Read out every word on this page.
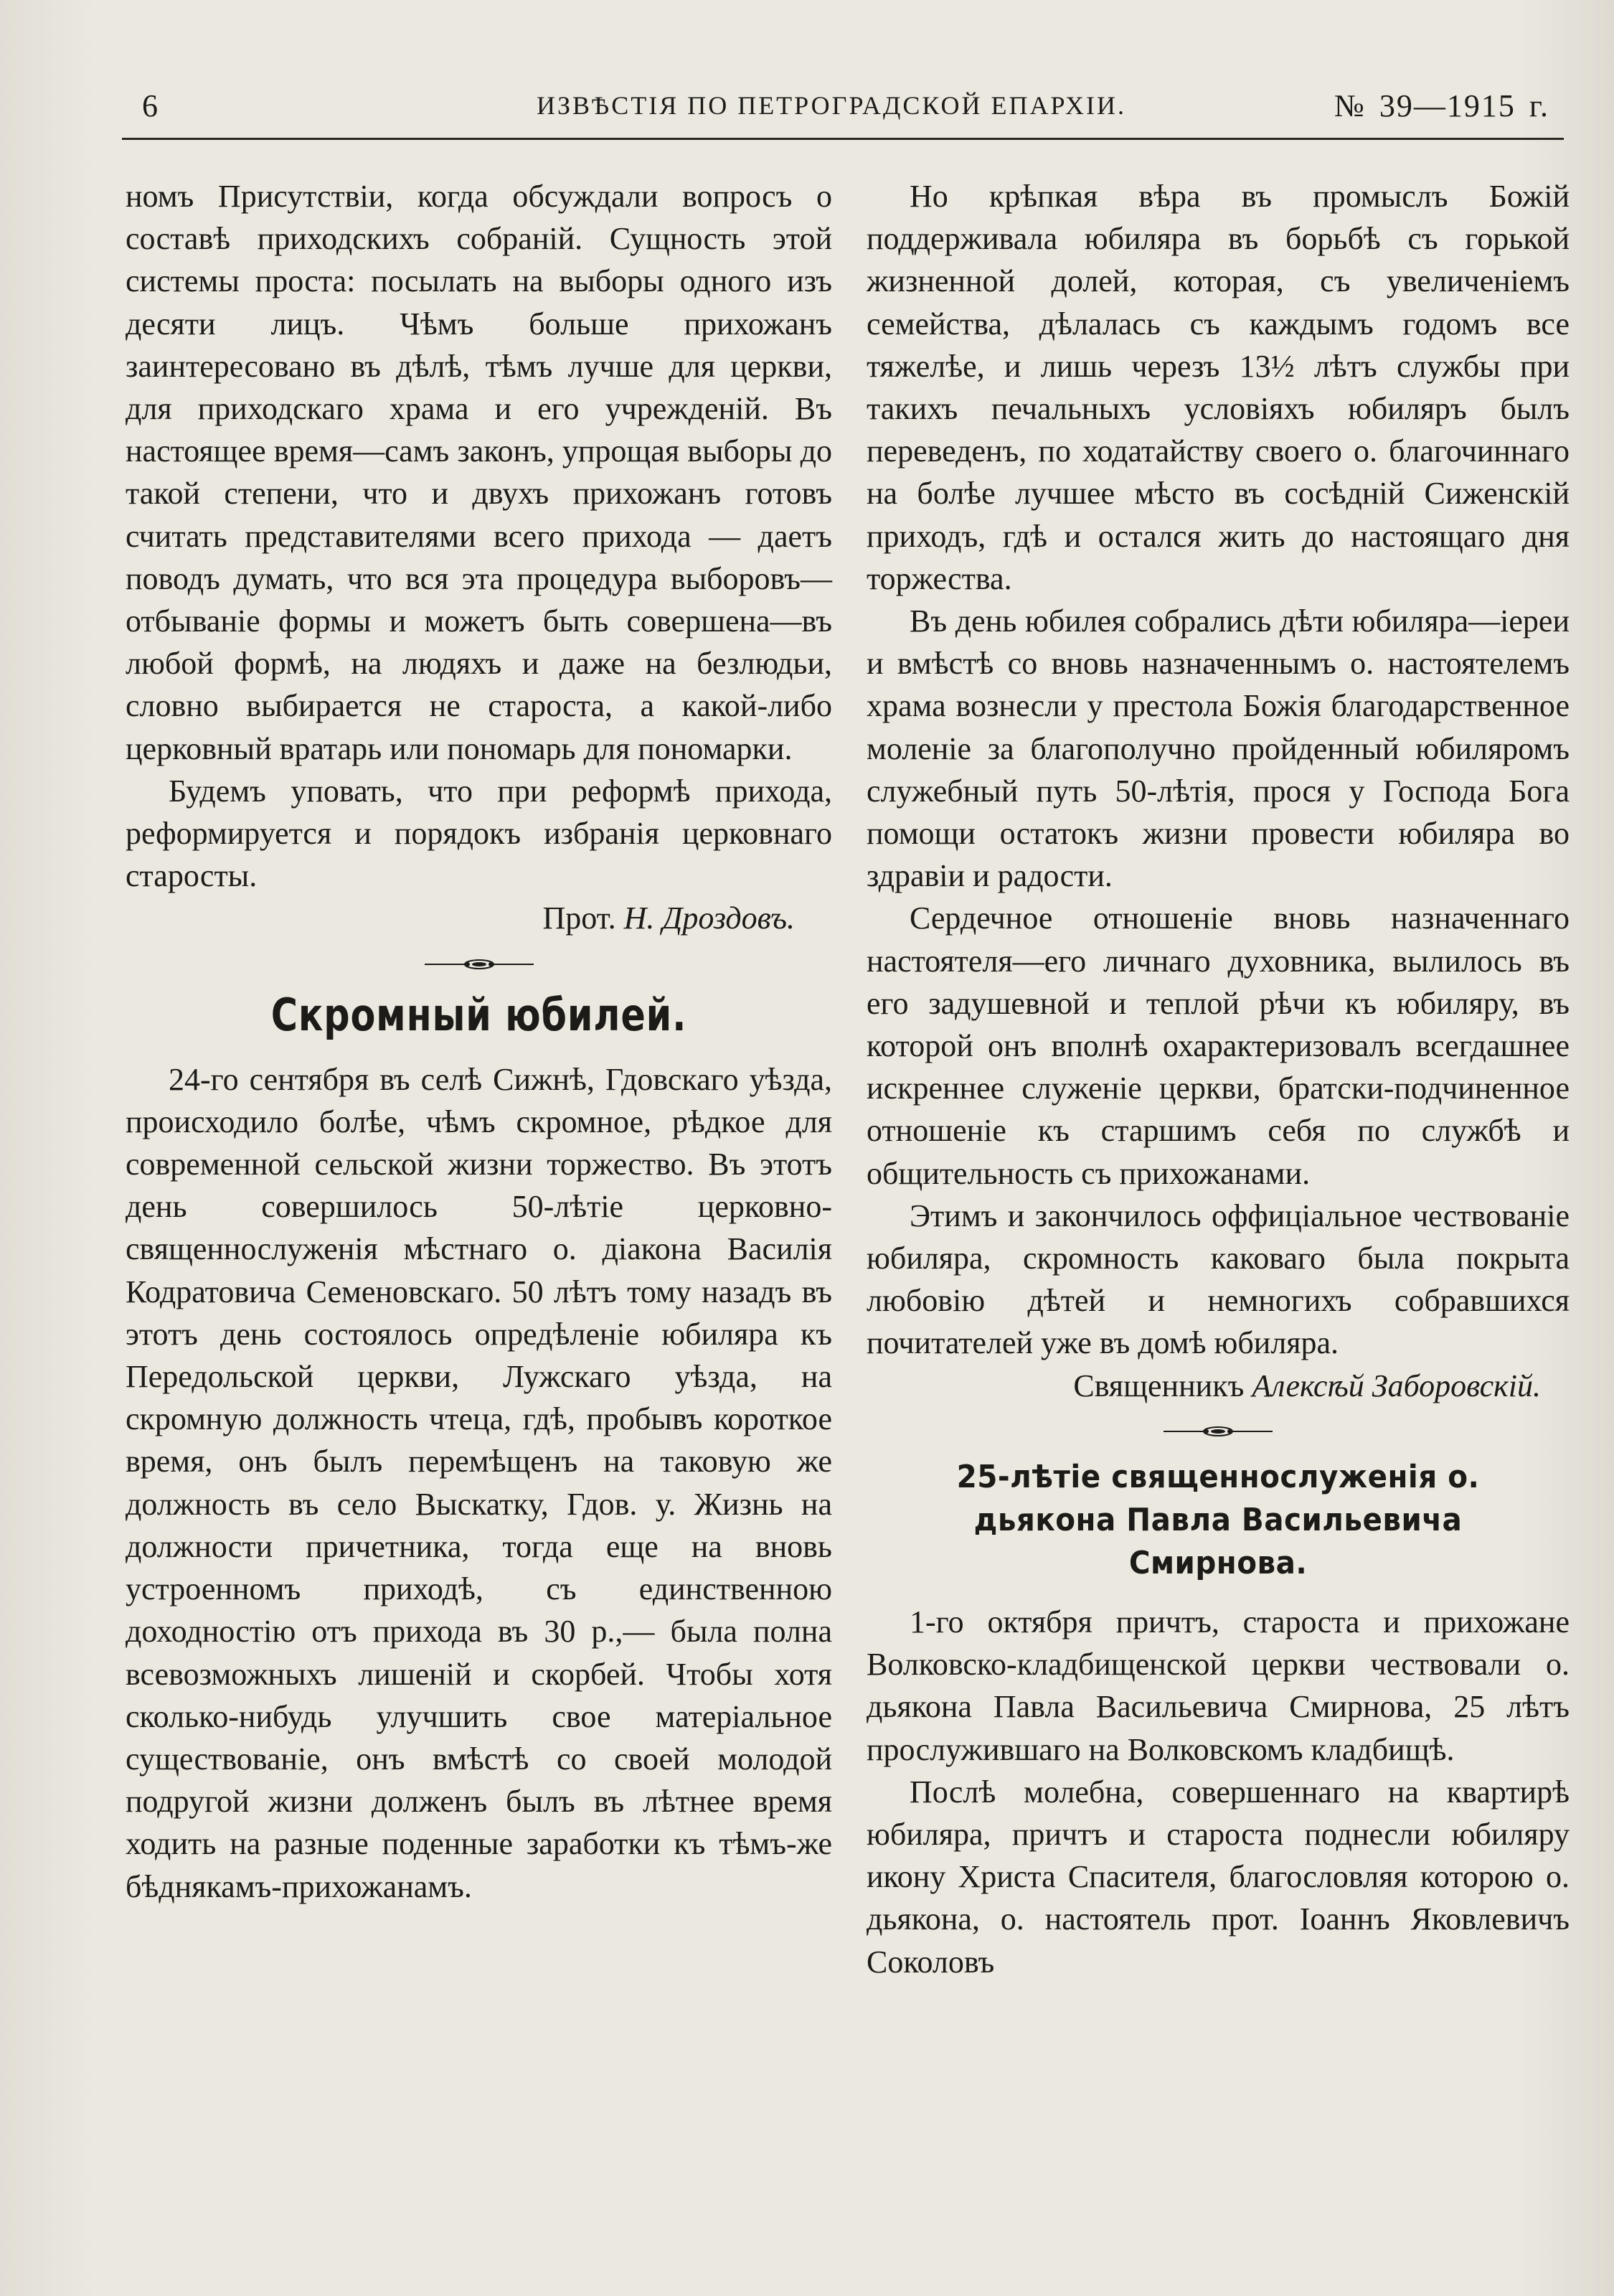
6	ИЗВѢСТІЯ ПО ПЕТРОГРАДСКОЙ ЕПАРХІИ.	№ 39—1915 г.

номъ Присутствіи, когда обсуждали вопросъ о составѣ приходскихъ собраній. Сущность этой системы проста: посылать на выборы одного изъ десяти лицъ. Чѣмъ больше прихожанъ заинтересовано въ дѣлѣ, тѣмъ лучше для церкви, для приходскаго храма и его учрежденій. Въ настоящее время—самъ законъ, упрощая выборы до такой степени, что и двухъ прихожанъ готовъ считать представителями всего прихода — даетъ поводъ думать, что вся эта процедура выборовъ—отбываніе формы и можетъ быть совершена—въ любой формѣ, на людяхъ и даже на безлюдьи, словно выбирается не староста, а какой-либо церковный вратарь или пономарь для пономарки.

Будемъ уповать, что при реформѣ прихода, реформируется и порядокъ избранія церковнаго старосты.

Прот. Н. Дроздовъ.
Скромный юбилей.

24-го сентября въ селѣ Сижнѣ, Гдовскаго уѣзда, происходило болѣе, чѣмъ скромное, рѣдкое для современной сельской жизни торжество. Въ этотъ день совершилось 50-лѣтіе церковно-священнослуженія мѣстнаго о. діакона Василія Кодратовича Семеновскаго. 50 лѣтъ тому назадъ въ этотъ день состоялось опредѣленіе юбиляра къ Передольской церкви, Лужскаго уѣзда, на скромную должность чтеца, гдѣ, пробывъ короткое время, онъ былъ перемѣщенъ на таковую же должность въ село Выскатку, Гдов. у. Жизнь на должности причетника, тогда еще на вновь устроенномъ приходѣ, съ единственною доходностію отъ прихода въ 30 р.,— была полна всевозможныхъ лишеній и скорбей. Чтобы хотя сколько-нибудь улучшить свое матеріальное существованіе, онъ вмѣстѣ со своей молодой подругой жизни долженъ былъ въ лѣтнее время ходить на разные поденные заработки къ тѣмъ-же бѣднякамъ-прихожанамъ.

Но крѣпкая вѣра въ промыслъ Божій поддерживала юбиляра въ борьбѣ съ горькой жизненной долей, которая, съ увеличеніемъ семейства, дѣлалась съ каждымъ годомъ все тяжелѣе, и лишь черезъ 13½ лѣтъ службы при такихъ печальныхъ условіяхъ юбиляръ былъ переведенъ, по ходатайству своего о. благочиннаго на болѣе лучшее мѣсто въ сосѣдній Сиженскій приходъ, гдѣ и остался жить до настоящаго дня торжества.

Въ день юбилея собрались дѣти юбиляра—іереи и вмѣстѣ со вновь назначеннымъ о. настоятелемъ храма вознесли у престола Божія благодарственное моленіе за благополучно пройденный юбиляромъ служебный путь 50-лѣтія, прося у Господа Бога помощи остатокъ жизни провести юбиляра во здравіи и радости.

Сердечное отношеніе вновь назначеннаго настоятеля—его личнаго духовника, вылилось въ его задушевной и теплой рѣчи къ юбиляру, въ которой онъ вполнѣ охарактеризовалъ всегдашнее искреннее служеніе церкви, братски-подчиненное отношеніе къ старшимъ себя по службѣ и общительность съ прихожанами.

Этимъ и закончилось оффиціальное чествованіе юбиляра, скромность каковаго была покрыта любовію дѣтей и немногихъ собравшихся почитателей уже въ домѣ юбиляра.

Священникъ Алексѣй Заборовскій.
25-лѣтіе священнослуженія о. дьякона Павла Васильевича Смирнова.

1-го октября причтъ, староста и прихожане Волковско-кладбищенской церкви чествовали о. дьякона Павла Васильевича Смирнова, 25 лѣтъ прослужившаго на Волковскомъ кладбищѣ.

Послѣ молебна, совершеннаго на квартирѣ юбиляра, причтъ и староста поднесли юбиляру икону Христа Спасителя, благословляя которою о. дьякона, о. настоятель прот. Іоаннъ Яковлевичъ Соколовъ
